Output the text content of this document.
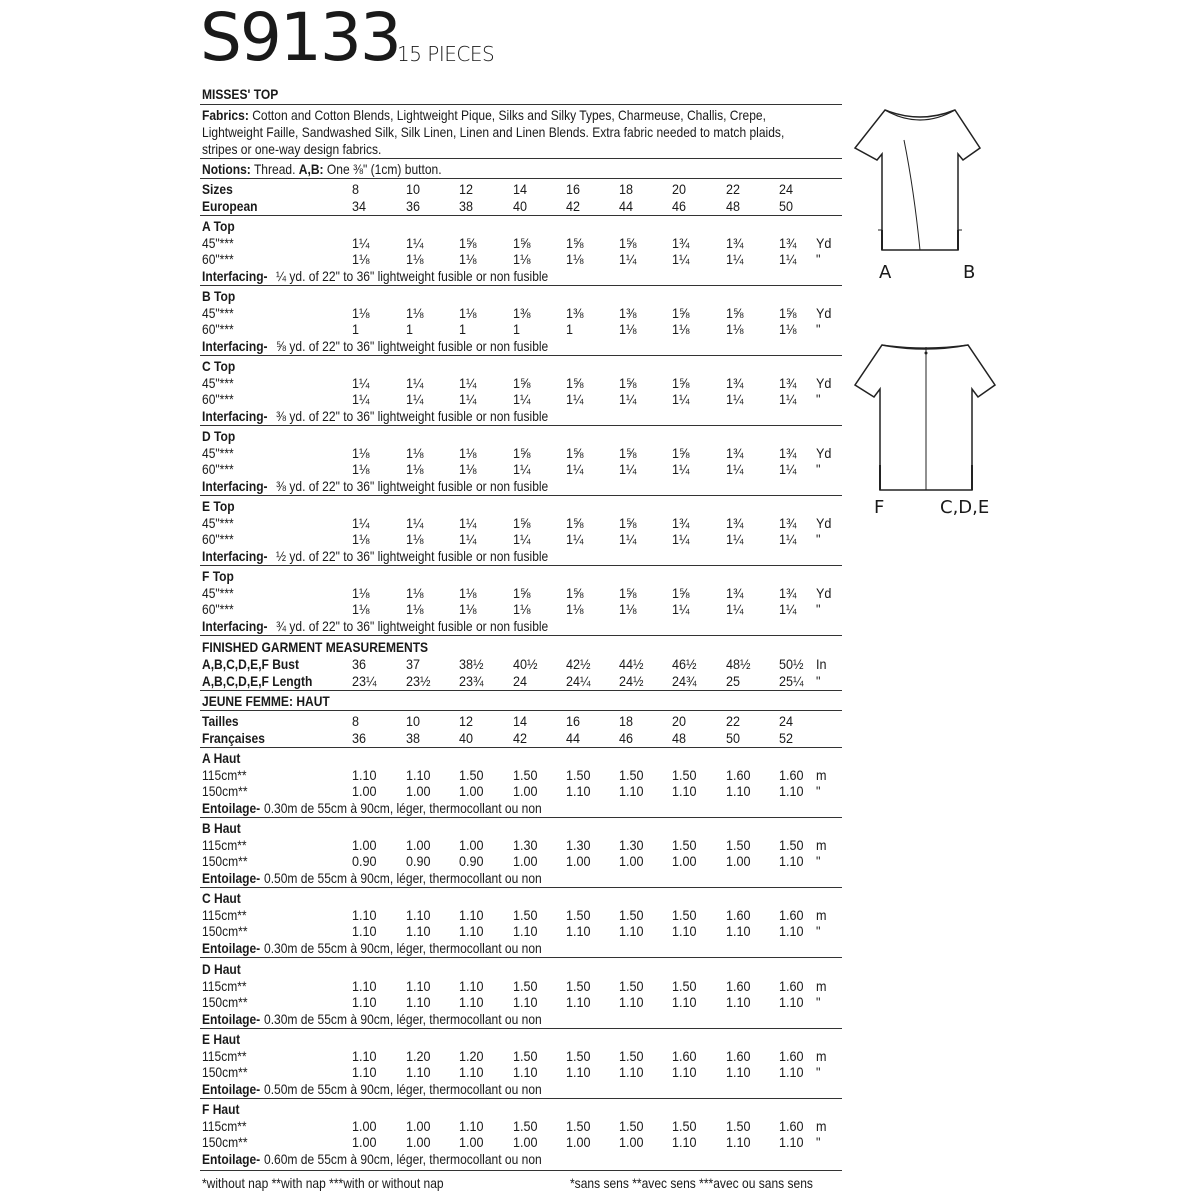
S9133
15 PIECES
MISSES' TOP
Fabrics: Cotton and Cotton Blends, Lightweight Pique, Silks and Silky Types, Charmeuse, Challis, Crepe,
Lightweight Faille, Sandwashed Silk, Silk Linen, Linen and Linen Blends. Extra fabric needed to match plaids,
stripes or one-way design fabrics.
Notions: Thread. A,B: One ⅜" (1cm) button.
Sizes	8	10	12	14	16	18	20	22	24
European	34	36	38	40	42	44	46	48	50
A Top
45"***	1¼	1¼	1⅝	1⅝	1⅝	1⅝	1¾	1¾	1¾ Yd
60"***	1⅛	1⅛	1⅛	1⅛	1⅛	1¼	1¼	1¼	1¼ "
Interfacing- ¼ yd. of 22" to 36" lightweight fusible or non fusible
B Top
45"***	1⅛	1⅛	1⅛	1⅜	1⅜	1⅜	1⅝	1⅝	1⅝ Yd
60"***	1	1	1	1	1	1⅛	1⅛	1⅛	1⅛ "
Interfacing- ⅝ yd. of 22" to 36" lightweight fusible or non fusible
C Top
45"***	1¼	1¼	1¼	1⅝	1⅝	1⅝	1⅝	1¾	1¾ Yd
60"***	1¼	1¼	1¼	1¼	1¼	1¼	1¼	1¼	1¼ "
Interfacing- ⅜ yd. of 22" to 36" lightweight fusible or non fusible
D Top
45"***	1⅛	1⅛	1⅛	1⅝	1⅝	1⅝	1⅝	1¾	1¾ Yd
60"***	1⅛	1⅛	1⅛	1¼	1¼	1¼	1¼	1¼	1¼ "
Interfacing- ⅜ yd. of 22" to 36" lightweight fusible or non fusible
E Top
45"***	1¼	1¼	1¼	1⅝	1⅝	1⅝	1¾	1¾	1¾ Yd
60"***	1⅛	1⅛	1¼	1¼	1¼	1¼	1¼	1¼	1¼ "
Interfacing- ½ yd. of 22" to 36" lightweight fusible or non fusible
F Top
45"***	1⅛	1⅛	1⅛	1⅝	1⅝	1⅝	1⅝	1¾	1¾ Yd
60"***	1⅛	1⅛	1⅛	1⅛	1⅛	1⅛	1¼	1¼	1¼ "
Interfacing- ¾ yd. of 22" to 36" lightweight fusible or non fusible
FINISHED GARMENT MEASUREMENTS
A,B,C,D,E,F Bust	36	37	38½ 40½ 42½ 44½ 46½ 48½ 50½ In
A,B,C,D,E,F Length	23¼ 23½ 23¾ 24	24¼ 24½ 24¾ 25	25¼ "
JEUNE FEMME: HAUT
Tailles	8	10	12	14	16	18	20	22	24
Françaises	36	38	40	42	44	46	48	50	52
A Haut
115cm**	1.10 1.10 1.50 1.50 1.50 1.50 1.50 1.60 1.60 m
150cm**	1.00 1.00 1.00 1.00 1.10 1.10 1.10 1.10 1.10 "
Entoilage- 0.30m de 55cm à 90cm, léger, thermocollant ou non
B Haut
115cm**	1.00 1.00 1.00 1.30 1.30 1.30 1.50 1.50 1.50 m
150cm**	0.90 0.90 0.90 1.00 1.00 1.00 1.00 1.00 1.10 "
Entoilage- 0.50m de 55cm à 90cm, léger, thermocollant ou non
C Haut
115cm**	1.10 1.10 1.10 1.50 1.50 1.50 1.50 1.60 1.60 m
150cm**	1.10 1.10 1.10 1.10 1.10 1.10 1.10 1.10 1.10 "
Entoilage- 0.30m de 55cm à 90cm, léger, thermocollant ou non
D Haut
115cm**	1.10 1.10 1.10 1.50 1.50 1.50 1.50 1.60 1.60 m
150cm**	1.10 1.10 1.10 1.10 1.10 1.10 1.10 1.10 1.10 "
Entoilage- 0.30m de 55cm à 90cm, léger, thermocollant ou non
E Haut
115cm**	1.10 1.20 1.20 1.50 1.50 1.50 1.60 1.60 1.60 m
150cm**	1.10 1.10 1.10 1.10 1.10 1.10 1.10 1.10 1.10 "
Entoilage- 0.50m de 55cm à 90cm, léger, thermocollant ou non
F Haut
115cm**	1.00 1.00 1.10 1.50 1.50 1.50 1.50 1.50 1.60 m
150cm**	1.00 1.00 1.00 1.00 1.00 1.00 1.10 1.10 1.10 "
Entoilage- 0.60m de 55cm à 90cm, léger, thermocollant ou non
*without nap **with nap ***with or without nap	*sans sens **avec sens ***avec ou sans sens
A	B
F	C,D,E
